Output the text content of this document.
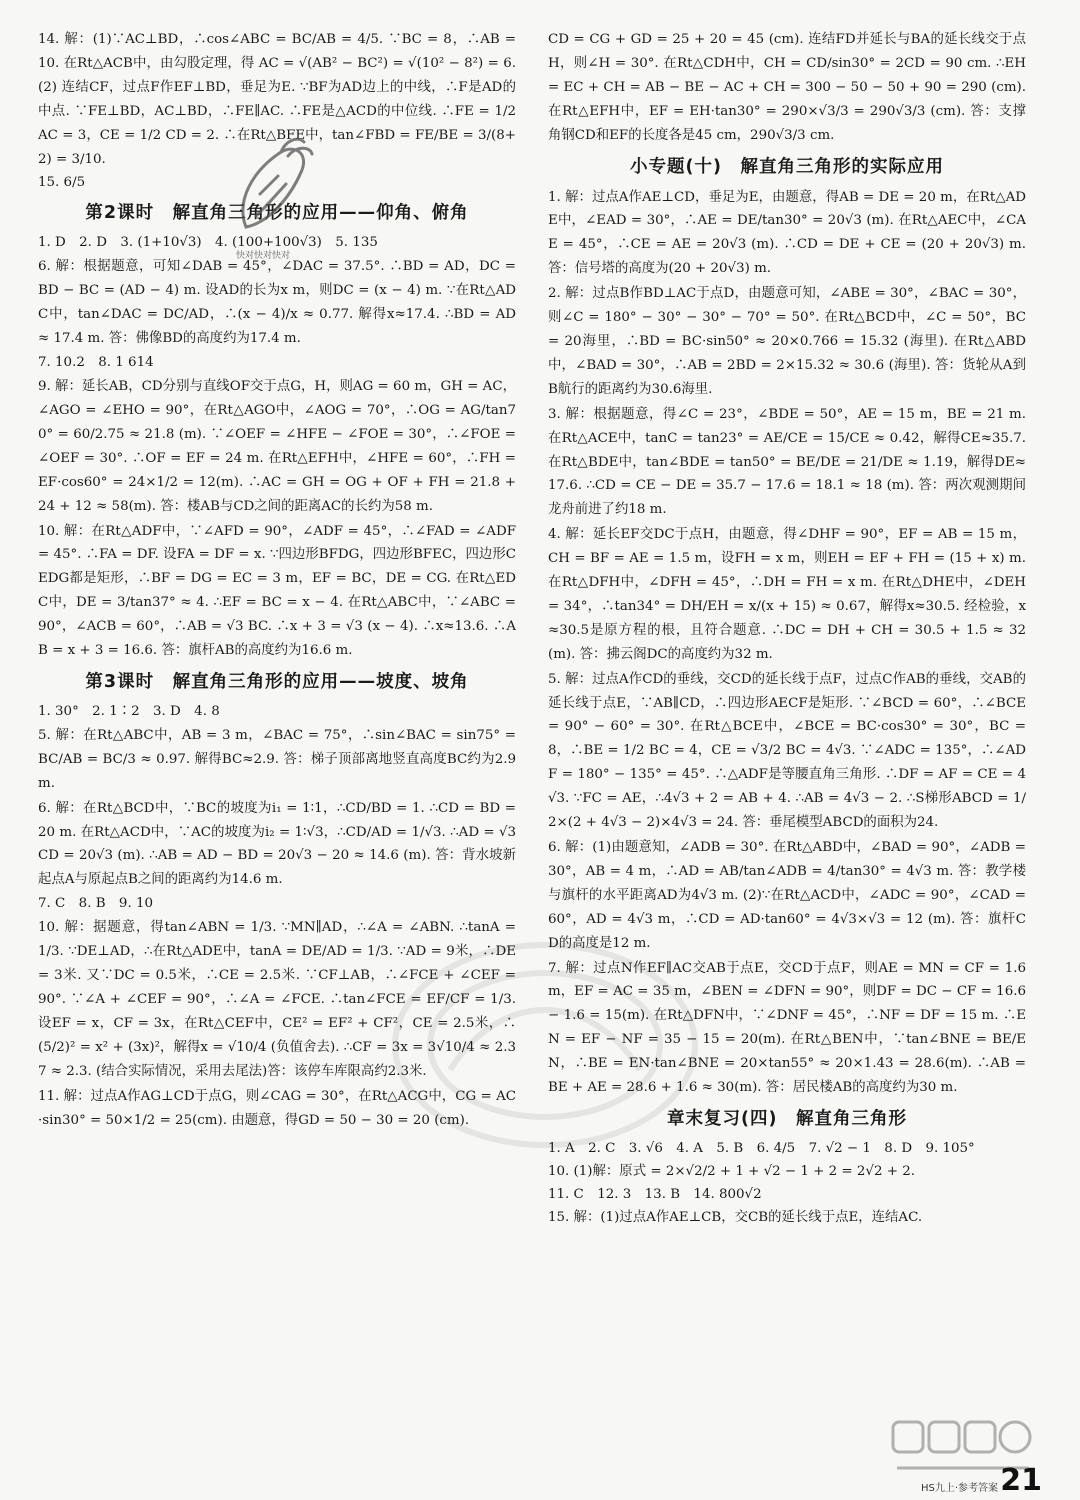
14. 解：(1)∵AC⊥BD，∴cos∠ABC = BC/AB = 4/5. ∵BC = 8，∴AB = 10. 在Rt△ACB中，由勾股定理，得 AC = √(AB² − BC²) = √(10² − 8²) = 6. (2) 连结CF，过点F作EF⊥BD，垂足为E. ∵BF为AD边上的中线，∴F是AD的中点. ∵FE⊥BD，AC⊥BD，∴FE∥AC. ∴FE是△ACD的中位线. ∴FE = 1/2 AC = 3，CE = 1/2 CD = 2. ∴在Rt△BFE中，tan∠FBD = FE/BE = 3/(8+2) = 3/10.

15. 6/5

第2课时　解直角三角形的应用——仰角、俯角

1. D　2. D　3. (1+10√3)　4. (100+100√3)　5. 135

6. 解：根据题意，可知∠DAB = 45°，∠DAC = 37.5°. ∴BD = AD，DC = BD − BC = (AD − 4) m. 设AD的长为x m，则DC = (x − 4) m. ∵在Rt△ADC中，tan∠DAC = DC/AD，∴(x − 4)/x ≈ 0.77. 解得x≈17.4. ∴BD = AD ≈ 17.4 m. 答：佛像BD的高度约为17.4 m.

7. 10.2　8. 1 614

9. 解：延长AB，CD分别与直线OF交于点G，H，则AG = 60 m，GH = AC，∠AGO = ∠EHO = 90°，在Rt△AGO中，∠AOG = 70°，∴OG = AG/tan70° = 60/2.75 ≈ 21.8 (m). ∵∠OEF = ∠HFE − ∠FOE = 30°，∴∠FOE = ∠OEF = 30°. ∴OF = EF = 24 m. 在Rt△EFH中，∠HFE = 60°，∴FH = EF·cos60° = 24×1/2 = 12(m). ∴AC = GH = OG + OF + FH = 21.8 + 24 + 12 ≈ 58(m). 答：楼AB与CD之间的距离AC的长约为58 m.

10. 解：在Rt△ADF中，∵∠AFD = 90°，∠ADF = 45°，∴∠FAD = ∠ADF = 45°. ∴FA = DF. 设FA = DF = x. ∵四边形BFDG，四边形BFEC，四边形CEDG都是矩形，∴BF = DG = EC = 3 m，EF = BC，DE = CG. 在Rt△EDC中，DE = 3/tan37° ≈ 4. ∴EF = BC = x − 4. 在Rt△ABC中，∵∠ABC = 90°，∠ACB = 60°，∴AB = √3 BC. ∴x + 3 = √3 (x − 4). ∴x≈13.6. ∴AB = x + 3 = 16.6. 答：旗杆AB的高度约为16.6 m.

第3课时　解直角三角形的应用——坡度、坡角

1. 30°　2. 1∶2　3. D　4. 8

5. 解：在Rt△ABC中，AB = 3 m，∠BAC = 75°，∴sin∠BAC = sin75° = BC/AB = BC/3 ≈ 0.97. 解得BC≈2.9. 答：梯子顶部离地竖直高度BC约为2.9 m.

6. 解：在Rt△BCD中，∵BC的坡度为i₁ = 1∶1，∴CD/BD = 1. ∴CD = BD = 20 m. 在Rt△ACD中，∵AC的坡度为i₂ = 1∶√3，∴CD/AD = 1/√3. ∴AD = √3 CD = 20√3 (m). ∴AB = AD − BD = 20√3 − 20 ≈ 14.6 (m). 答：背水坡新起点A与原起点B之间的距离约为14.6 m.

7. C　8. B　9. 10

10. 解：据题意，得tan∠ABN = 1/3. ∵MN∥AD，∴∠A = ∠ABN. ∴tanA = 1/3. ∵DE⊥AD，∴在Rt△ADE中，tanA = DE/AD = 1/3. ∵AD = 9米，∴DE = 3米. 又∵DC = 0.5米，∴CE = 2.5米. ∵CF⊥AB，∴∠FCE + ∠CEF = 90°. ∵∠A + ∠CEF = 90°，∴∠A = ∠FCE. ∴tan∠FCE = EF/CF = 1/3. 设EF = x，CF = 3x，在Rt△CEF中，CE² = EF² + CF²，CE = 2.5米，∴(5/2)² = x² + (3x)²，解得x = √10/4 (负值舍去). ∴CF = 3x = 3√10/4 ≈ 2.37 ≈ 2.3. (结合实际情况，采用去尾法)答：该停车库限高约2.3米.

11. 解：过点A作AG⊥CD于点G，则∠CAG = 30°，在Rt△ACG中，CG = AC·sin30° = 50×1/2 = 25(cm). 由题意，得GD = 50 − 30 = 20 (cm).

CD = CG + GD = 25 + 20 = 45 (cm). 连结FD并延长与BA的延长线交于点H，则∠H = 30°. 在Rt△CDH中，CH = CD/sin30° = 2CD = 90 cm. ∴EH = EC + CH = AB − BE − AC + CH = 300 − 50 − 50 + 90 = 290 (cm). 在Rt△EFH中，EF = EH·tan30° = 290×√3/3 = 290√3/3 (cm). 答：支撑角钢CD和EF的长度各是45 cm，290√3/3 cm.

小专题(十)　解直角三角形的实际应用

1. 解：过点A作AE⊥CD，垂足为E，由题意，得AB = DE = 20 m，在Rt△ADE中，∠EAD = 30°，∴AE = DE/tan30° = 20√3 (m). 在Rt△AEC中，∠CAE = 45°，∴CE = AE = 20√3 (m). ∴CD = DE + CE = (20 + 20√3) m. 答：信号塔的高度为(20 + 20√3) m.

2. 解：过点B作BD⊥AC于点D，由题意可知，∠ABE = 30°，∠BAC = 30°，则∠C = 180° − 30° − 30° − 70° = 50°. 在Rt△BCD中，∠C = 50°，BC = 20海里，∴BD = BC·sin50° ≈ 20×0.766 = 15.32 (海里). 在Rt△ABD中，∠BAD = 30°，∴AB = 2BD = 2×15.32 ≈ 30.6 (海里). 答：货轮从A到B航行的距离约为30.6海里.

3. 解：根据题意，得∠C = 23°，∠BDE = 50°，AE = 15 m，BE = 21 m. 在Rt△ACE中，tanC = tan23° = AE/CE = 15/CE ≈ 0.42，解得CE≈35.7. 在Rt△BDE中，tan∠BDE = tan50° = BE/DE = 21/DE ≈ 1.19，解得DE≈17.6. ∴CD = CE − DE = 35.7 − 17.6 = 18.1 ≈ 18 (m). 答：两次观测期间龙舟前进了约18 m.

4. 解：延长EF交DC于点H，由题意，得∠DHF = 90°，EF = AB = 15 m，CH = BF = AE = 1.5 m，设FH = x m，则EH = EF + FH = (15 + x) m. 在Rt△DFH中，∠DFH = 45°，∴DH = FH = x m. 在Rt△DHE中，∠DEH = 34°，∴tan34° = DH/EH = x/(x + 15) ≈ 0.67，解得x≈30.5. 经检验，x≈30.5是原方程的根，且符合题意. ∴DC = DH + CH = 30.5 + 1.5 ≈ 32 (m). 答：拂云阁DC的高度约为32 m.

5. 解：过点A作CD的垂线，交CD的延长线于点F，过点C作AB的垂线，交AB的延长线于点E，∵AB∥CD，∴四边形AECF是矩形. ∵∠BCD = 60°，∴∠BCE = 90° − 60° = 30°. 在Rt△BCE中，∠BCE = BC·cos30° = 30°，BC = 8，∴BE = 1/2 BC = 4，CE = √3/2 BC = 4√3. ∵∠ADC = 135°，∴∠ADF = 180° − 135° = 45°. ∴△ADF是等腰直角三角形. ∴DF = AF = CE = 4√3. ∵FC = AE，∴4√3 + 2 = AB + 4. ∴AB = 4√3 − 2. ∴S梯形ABCD = 1/2×(2 + 4√3 − 2)×4√3 = 24. 答：垂尾模型ABCD的面积为24.

6. 解：(1)由题意知，∠ADB = 30°. 在Rt△ABD中，∠BAD = 90°，∠ADB = 30°，AB = 4 m，∴AD = AB/tan∠ADB = 4/tan30° = 4√3 m. 答：教学楼与旗杆的水平距离AD为4√3 m. (2)∵在Rt△ACD中，∠ADC = 90°，∠CAD = 60°，AD = 4√3 m，∴CD = AD·tan60° = 4√3×√3 = 12 (m). 答：旗杆CD的高度是12 m.

7. 解：过点N作EF∥AC交AB于点E，交CD于点F，则AE = MN = CF = 1.6 m，EF = AC = 35 m，∠BEN = ∠DFN = 90°，则DF = DC − CF = 16.6 − 1.6 = 15(m). 在Rt△DFN中，∵∠DNF = 45°，∴NF = DF = 15 m. ∴EN = EF − NF = 35 − 15 = 20(m). 在Rt△BEN中，∵tan∠BNE = BE/EN，∴BE = EN·tan∠BNE = 20×tan55° ≈ 20×1.43 = 28.6(m). ∴AB = BE + AE = 28.6 + 1.6 ≈ 30(m). 答：居民楼AB的高度约为30 m.

章末复习(四)　解直角三角形

1. A　2. C　3. √6　4. A　5. B　6. 4/5　7. √2 − 1　8. D　9. 105°

10. (1)解：原式 = 2×√2/2 + 1 + √2 − 1 + 2 = 2√2 + 2.

11. C　12. 3　13. B　14. 800√2

15. 解：(1)过点A作AE⊥CB，交CB的延长线于点E，连结AC.

快对快对快对
HS九上·参考答案 21
